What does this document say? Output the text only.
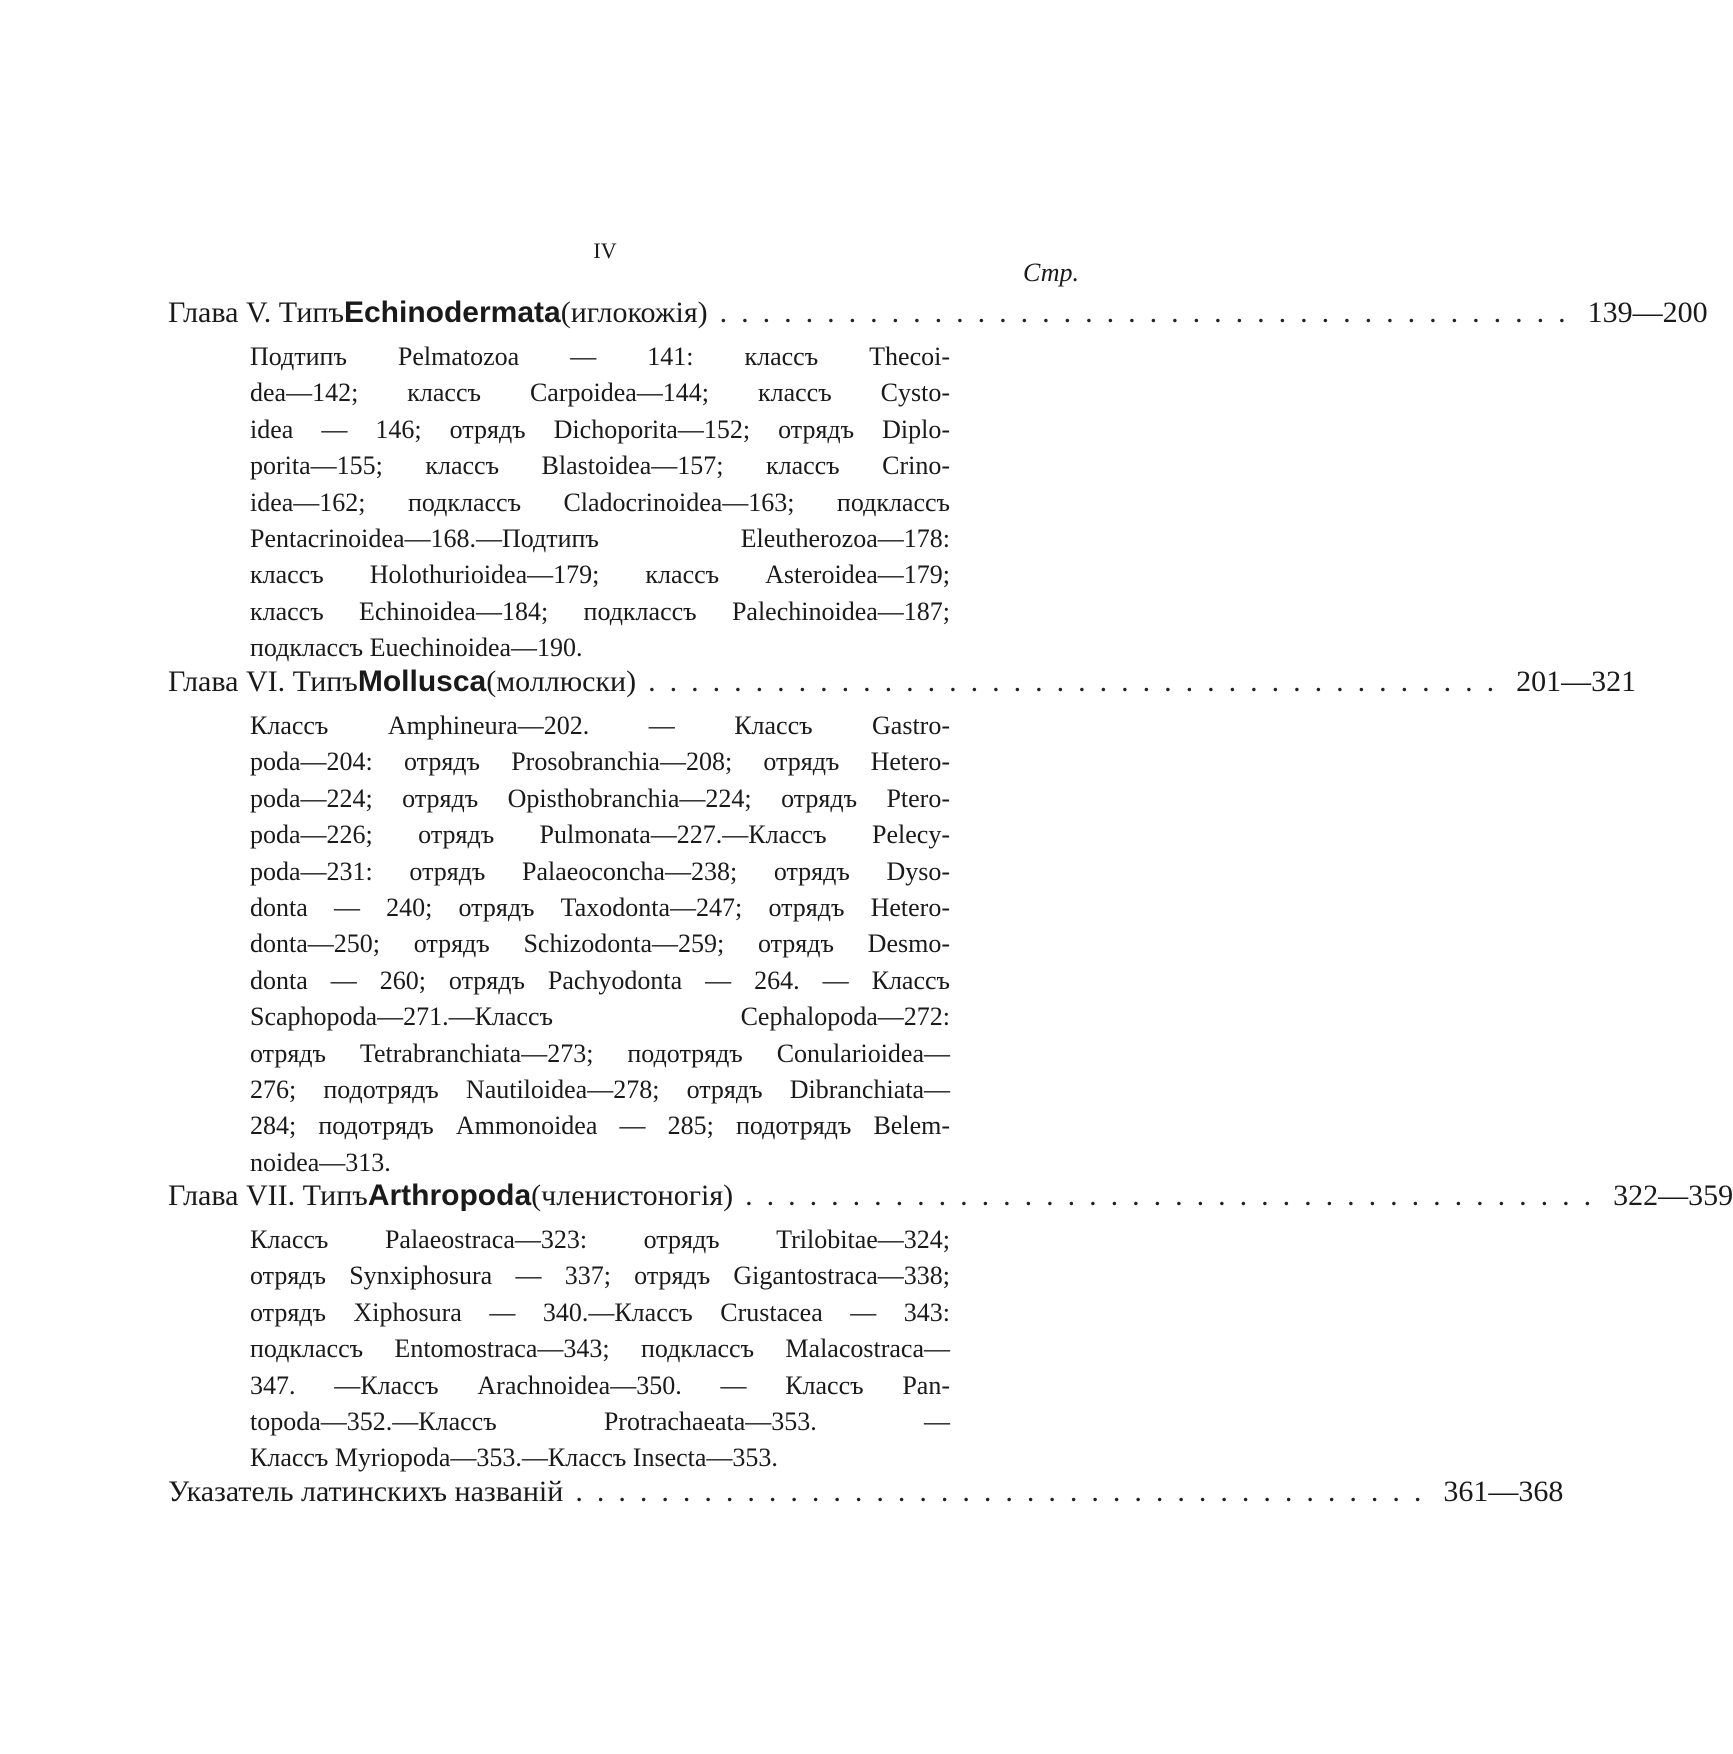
IV
Стр.
Глава V. Типъ Echinodermata (иглокожія) ........................................ 139—200
Подтипъ Pelmatozoa — 141: классъ Thecoi-
dea—142; классъ Carpoidea—144; классъ Cysto-
idea — 146; отрядъ Dichoporita—152; отрядъ Diplo-
porita—155; классъ Blastoidea—157; классъ Crino-
idea—162; подклассъ Cladocrinoidea—163; подклассъ
Pentacrinoidea—168.—Подтипъ Eleutherozoa—178:
классъ Holothurioidea—179; классъ Asteroidea—179;
классъ Echinoidea—184; подклассъ Palechinoidea—187;
подклассъ Euechinoidea—190.
Глава VI. Типъ Mollusca (моллюски) ........................................ 201—321
Классъ Amphineura—202. — Классъ Gastro-
poda—204: отрядъ Prosobranchia—208; отрядъ Hetero-
poda—224; отрядъ Opisthobranchia—224; отрядъ Ptero-
poda—226; отрядъ Pulmonata—227.—Классъ Pelecy-
poda—231: отрядъ Palaeoconcha—238; отрядъ Dyso-
donta — 240; отрядъ Taxodonta—247; отрядъ Hetero-
donta—250; отрядъ Schizodonta—259; отрядъ Desmo-
donta — 260; отрядъ Pachyodonta — 264. — Классъ
Scaphopoda—271.—Классъ Cephalopoda—272:
отрядъ Tetrabranchiata—273; подотрядъ Conularioidea—
276; подотрядъ Nautiloidea—278; отрядъ Dibranchiata—
284; подотрядъ Ammonoidea — 285; подотрядъ Belem-
noidea—313.
Глава VII. Типъ Arthropoda (членистоногія) ........................................ 322—359
Классъ Palaeostraca—323: отрядъ Trilobitae—324;
отрядъ Synxiphosura — 337; отрядъ Gigantostraca—338;
отрядъ Xiphosura — 340.—Классъ Crustacea — 343:
подклассъ Entomostraca—343; подклассъ Malacostraca—
347. —Классъ Arachnoidea—350. — Классъ Pan-
topoda—352.—Классъ Protrachaeata—353. —
Классъ Myriopoda—353.—Классъ Insecta—353.
Указатель латинскихъ названій ........................................ 361—368
